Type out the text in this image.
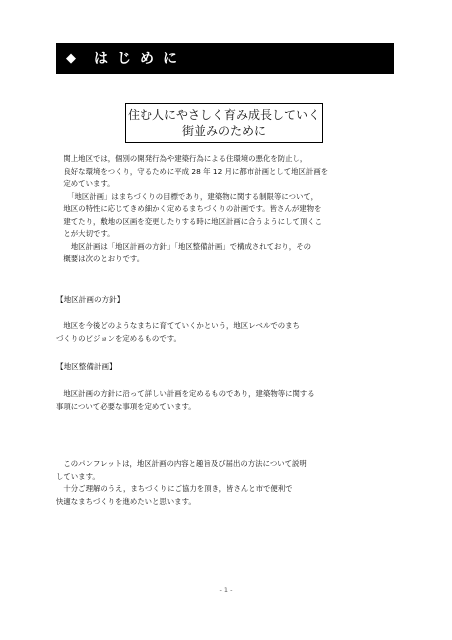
◆ はじめに
住む人にやさしく育み成長していく
街並みのために
　関上地区では，個別の開発行為や建築行為による住環境の悪化を防止し，
　良好な環境をつくり，守るために平成 28 年 12 月に都市計画として地区計画を
　定めています。
　　「地区計画」はまちづくりの目標であり，建築物に関する制限等について，
　地区の特性に応じてきめ細かく定めるまちづくりの計画です。皆さんが建物を
　建てたり，敷地の区画を変更したりする時に地区計画に合うようにして頂くこ
　とが大切です。
　　地区計画は「地区計画の方針」「地区整備計画」で構成されており，その
　概要は次のとおりです。
【地区計画の方針】
　地区を今後どのようなまちに育てていくかという，地区レベルでのまち
づくりのビジョンを定めるものです。
【地区整備計画】
　地区計画の方針に沿って詳しい計画を定めるものであり，建築物等に関する
事項について必要な事項を定めています。
　このパンフレットは，地区計画の内容と趣旨及び届出の方法について説明
しています。
　十分ご理解のうえ，まちづくりにご協力を頂き，皆さんと市で便利で
快適なまちづくりを進めたいと思います。
- 1 -
